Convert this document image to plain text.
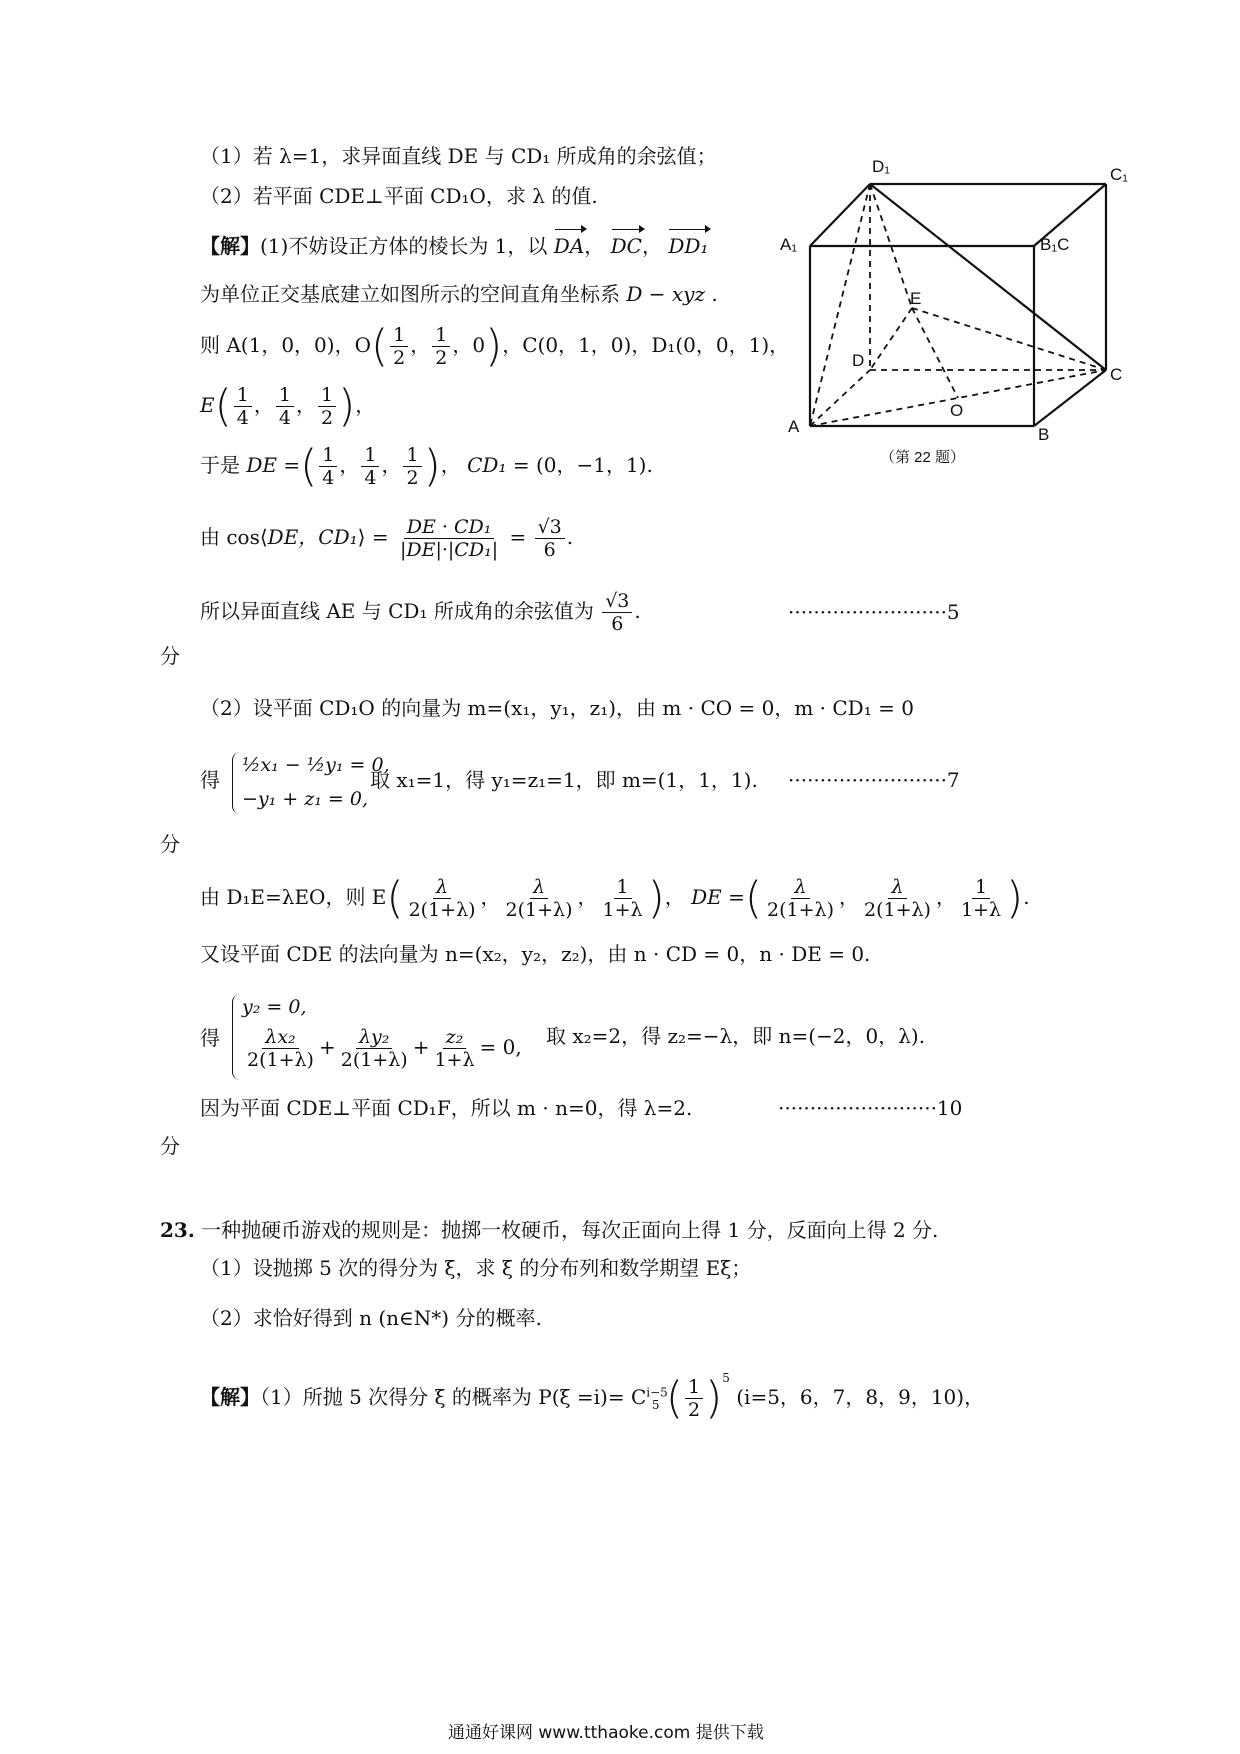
（1）若 λ=1，求异面直线 DE 与 CD₁ 所成角的余弦值；
（2）若平面 CDE⊥平面 CD₁O，求 λ 的值.
【解】(1)不妨设正方体的棱长为 1，以 DA， DC， DD₁
为单位正交基底建立如图所示的空间直角坐标系 D − xyz .
则 A(1，0，0)，$O( \frac{1}{2}$ ， $\frac{1}{2}$ ，0)，C(0，1，0)，D₁(0，0，1)，
$E( \frac{1}{4}$ ， $\frac{1}{4}$ ， $\frac{1}{2}$ )，
于是 DE =( $\frac{1}{4}$ ， $\frac{1}{4}$ ， $\frac{1}{2}$ )， CD₁ = (0，−1，1).
由 cos⟨DE，CD₁⟩ = $\frac{\text{DE · CD₁}}{\text{|DE|·|CD₁|}} = \frac{√3}{6}$ .
所以异面直线 AE 与 CD₁ 所成角的余弦值为 $\frac{√3}{6}$ .	·························5
分
（2）设平面 CD₁O 的向量为 m=(x₁，y₁，z₁)，由 m · CO = 0，m · CD₁ = 0
得
½x₁ − ½y₁ = 0,
−y₁ + z₁ = 0,
取 x₁=1，得 y₁=z₁=1，即 m=(1，1，1). ·························7
分
由 D₁E=λEO，则 $E( \frac{\lambda}{2(1+\lambda)}$ ， $\frac{\lambda}{2(1+\lambda)}$ ， $\frac{1}{1+\lambda}$ )， DE =( $\frac{\lambda}{2(1+\lambda)}$ ， $\frac{\lambda}{2(1+\lambda)}$ ， $\frac{1}{1+\lambda}$ ).
又设平面 CDE 的法向量为 n=(x₂，y₂，z₂)，由 n · CD = 0，n · DE = 0.
得
y₂ = 0,
$\frac{\text{λx₂}}{2(1+\lambda)} + \frac{\text{λy₂}}{2(1+\lambda)} + \frac{\text{z₂}}{1+\lambda} = 0$, 取 x₂=2，得 z₂=−λ，即 n=(−2，0，λ).
因为平面 CDE⊥平面 CD₁F，所以 m · n=0，得 λ=2.	·························10
分
23. 一种抛硬币游戏的规则是：抛掷一枚硬币，每次正面向上得 1 分，反面向上得 2 分.
（1）设抛掷 5 次的得分为 ξ，求 ξ 的分布列和数学期望 Eξ；
（2）求恰好得到 n (n∈N*) 分的概率.
【解】（1）所抛 5 次得分 ξ 的概率为 $P(\xi =i)= C^{i-5}_5$ ( $\frac{1}{2} )^5$ (i=5，6，7，8，9，10)，
D₁	C₁
A₁	B₁C
E
D
C
O
A	B
（第 22 题）
通通好课网 www.tthaoke.com 提供下载
